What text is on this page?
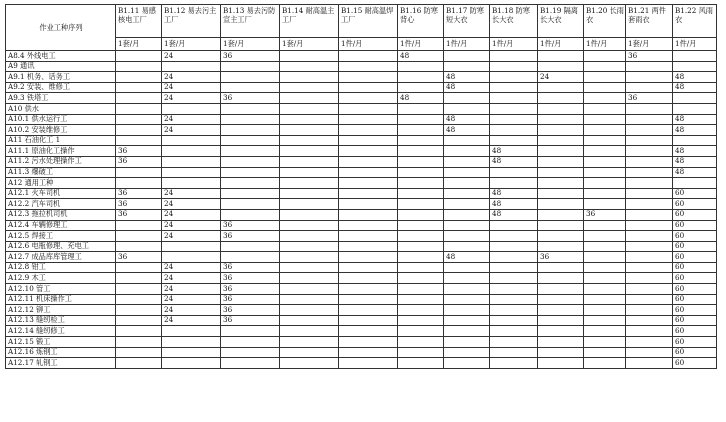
作业工种序列	B1.11 易感核电工厂	B1.12 易去污主工厂	B1.13 易去污防宣主工厂	B1.14 耐高温主工厂	B1.15 耐高温焊工厂	B1.16 防寒背心	B1.17 防寒短大衣	B1.18 防寒长大衣	B1.19 隔离长大衣	B1.20 长雨衣	B1.21 两件套雨衣	B1.22 风雨衣
	1套/月	1套/月	1套/月	1套/月	1件/月	1件/月	1件/月	1件/月	1件/月	1件/月	1套/月	1件/月
A8.4 外线电工		24	36			48					36	
A9 通讯												
A9.1 机务、话务工		24					48		24			48
A9.2 安装、维修工		24					48					48
A9.3 铁塔工		24	36			48					36	
A10 供水												
A10.1 供水运行工		24					48					48
A10.2 安装维修工		24					48					48
A11 石油化工 1												
A11.1 原油化工操作	36							48				48
A11.2 污水处理操作工	36							48				48
A11.3 爆破工												48
A12 通用工种												
A12.1 火车司机	36	24						48				60
A12.2 汽车司机	36	24						48				60
A12.3 拖拉机司机	36	24						48		36		60
A12.4 车辆修理工		24	36									60
A12.5 焊接工		24	36									60
A12.6 电瓶修理、充电工												60
A12.7 成品库库管理工	36						48		36			60
A12.8 钳工		24	36									60
A12.9 木工		24	36									60
A12.10 管工		24	36									60
A12.11 机床操作工		24	36									60
A12.12 铆工		24	36									60
A12.13 缝纫检工		24	36									60
A12.14 缝纫修工												60
A12.15 锻工												60
A12.16 炼钢工												60
A12.17 轧钢工												60
